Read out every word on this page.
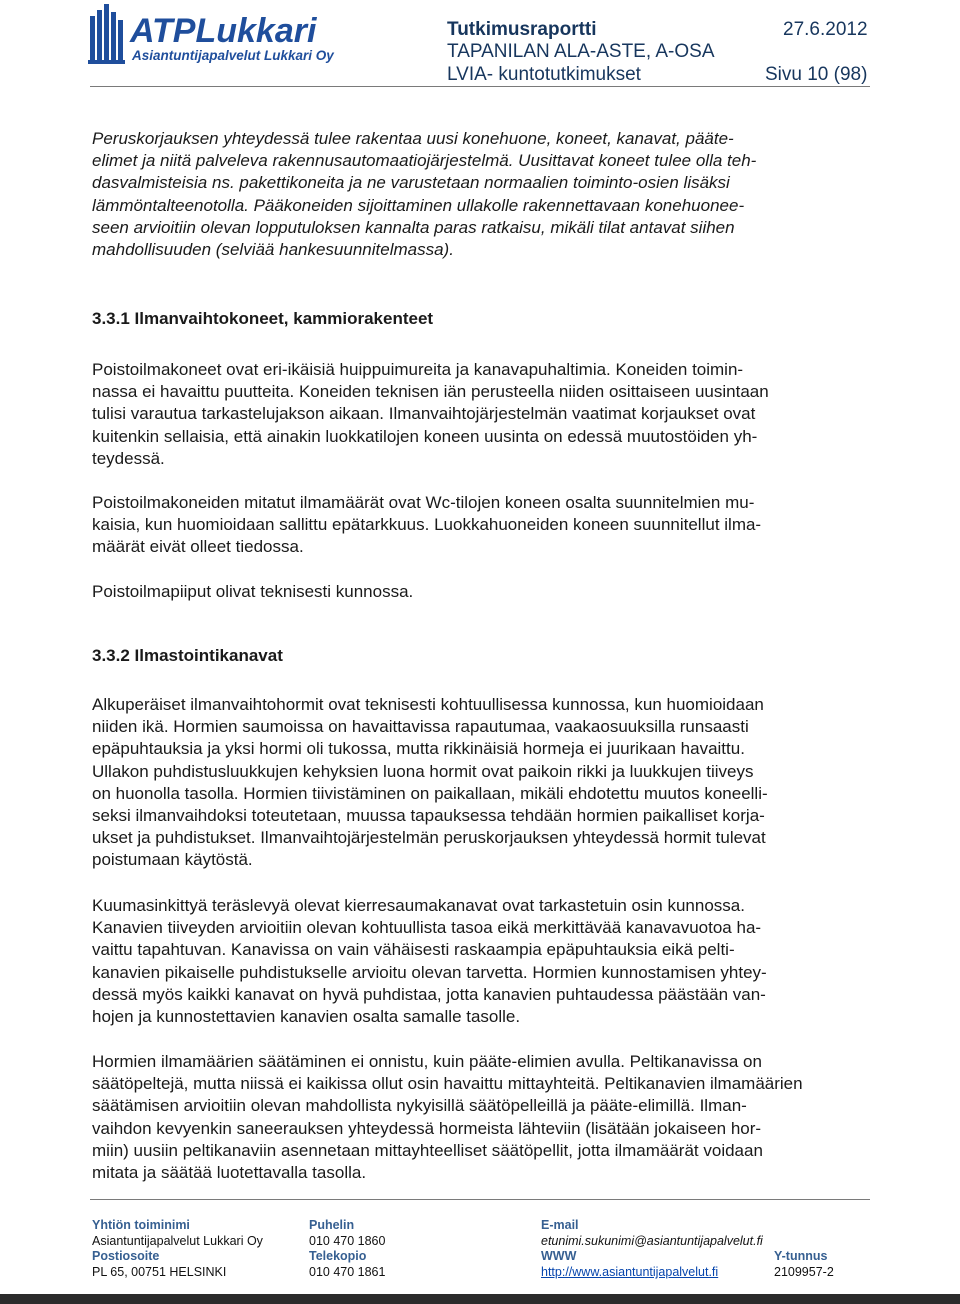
ATPLukkari
Asiantuntijapalvelut Lukkari Oy
Tutkimusraportti	27.6.2012
TAPANILAN ALA-ASTE, A-OSA
LVIA- kuntotutkimukset	Sivu 10 (98)
Peruskorjauksen yhteydessä tulee rakentaa uusi konehuone, koneet, kanavat, pääte-
elimet ja niitä palveleva rakennusautomaatiojärjestelmä. Uusittavat koneet tulee olla teh-
dasvalmisteisia ns. pakettikoneita ja ne varustetaan normaalien toiminto-osien lisäksi
lämmöntalteenotolla. Pääkoneiden sijoittaminen ullakolle rakennettavaan konehuonee-
seen arvioitiin olevan lopputuloksen kannalta paras ratkaisu, mikäli tilat antavat siihen
mahdollisuuden (selviää hankesuunnitelmassa).
3.3.1 Ilmanvaihtokoneet, kammiorakenteet
Poistoilmakoneet ovat eri-ikäisiä huippuimureita ja kanavapuhaltimia. Koneiden toimin-
nassa ei havaittu puutteita. Koneiden teknisen iän perusteella niiden osittaiseen uusintaan
tulisi varautua tarkastelujakson aikaan. Ilmanvaihtojärjestelmän vaatimat korjaukset ovat
kuitenkin sellaisia, että ainakin luokkatilojen koneen uusinta on edessä muutostöiden yh-
teydessä.
Poistoilmakoneiden mitatut ilmamäärät ovat Wc-tilojen koneen osalta suunnitelmien mu-
kaisia, kun huomioidaan sallittu epätarkkuus. Luokkahuoneiden koneen suunnitellut ilma-
määrät eivät olleet tiedossa.
Poistoilmapiiput olivat teknisesti kunnossa.
3.3.2 Ilmastointikanavat
Alkuperäiset ilmanvaihtohormit ovat teknisesti kohtuullisessa kunnossa, kun huomioidaan
niiden ikä. Hormien saumoissa on havaittavissa rapautumaa, vaakaosuuksilla runsaasti
epäpuhtauksia ja yksi hormi oli tukossa, mutta rikkinäisiä hormeja ei juurikaan havaittu.
Ullakon puhdistusluukkujen kehyksien luona hormit ovat paikoin rikki ja luukkujen tiiveys
on huonolla tasolla. Hormien tiivistäminen on paikallaan, mikäli ehdotettu muutos koneelli-
seksi ilmanvaihdoksi toteutetaan, muussa tapauksessa tehdään hormien paikalliset korja-
ukset ja puhdistukset. Ilmanvaihtojärjestelmän peruskorjauksen yhteydessä hormit tulevat
poistumaan käytöstä.
Kuumasinkittyä teräslevyä olevat kierresaumakanavat ovat tarkastetuin osin kunnossa.
Kanavien tiiveyden arvioitiin olevan kohtuullista tasoa eikä merkittävää kanavavuotoa ha-
vaittu tapahtuvan. Kanavissa on vain vähäisesti raskaampia epäpuhtauksia eikä pelti-
kanavien pikaiselle puhdistukselle arvioitu olevan tarvetta. Hormien kunnostamisen yhtey-
dessä myös kaikki kanavat on hyvä puhdistaa, jotta kanavien puhtaudessa päästään van-
hojen ja kunnostettavien kanavien osalta samalle tasolle.
Hormien ilmamäärien säätäminen ei onnistu, kuin pääte-elimien avulla. Peltikanavissa on
säätöpeltejä, mutta niissä ei kaikissa ollut osin havaittu mittayhteitä. Peltikanavien ilmamäärien
säätämisen arvioitiin olevan mahdollista nykyisillä säätöpelleillä ja pääte-elimillä. Ilman-
vaihdon kevyenkin saneerauksen yhteydessä hormeista lähteviin (lisätään jokaiseen hor-
miin) uusiin peltikanaviin asennetaan mittayhteelliset säätöpellit, jotta ilmamäärät voidaan
mitata ja säätää luotettavalla tasolla.
Yhtiön toiminimi
Asiantuntijapalvelut Lukkari Oy
Postiosoite
PL 65, 00751 HELSINKI
Puhelin
010 470 1860
Telekopio
010 470 1861
E-mail
etunimi.sukunimi@asiantuntijapalvelut.fi
WWW
http://www.asiantuntijapalvelut.fi
Y-tunnus
2109957-2
